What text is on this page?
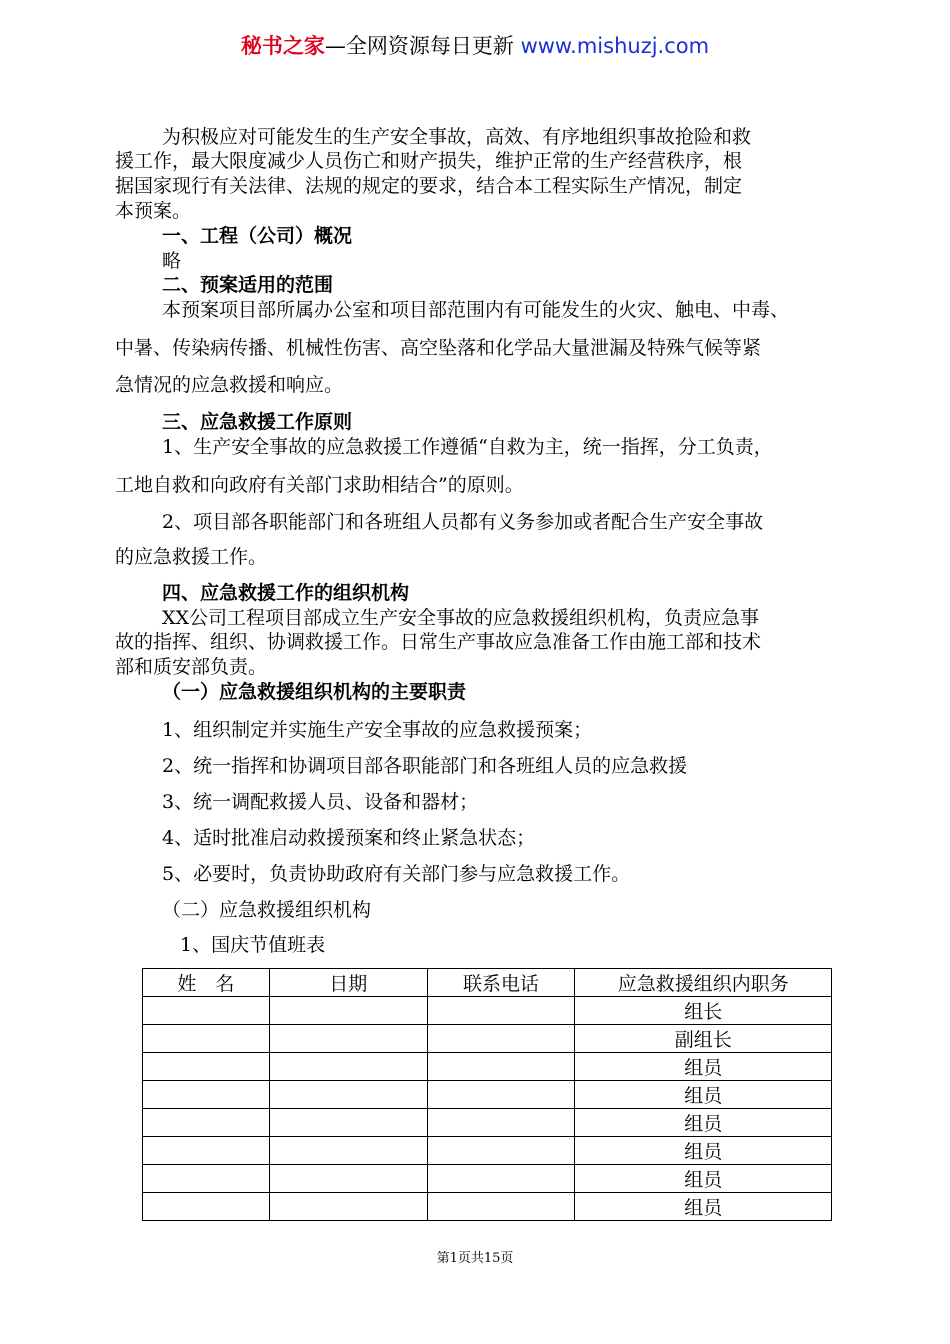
秘书之家—全网资源每日更新 www.mishuzj.com
为积极应对可能发生的生产安全事故，高效、有序地组织事故抢险和救
援工作，最大限度减少人员伤亡和财产损失，维护正常的生产经营秩序，根
据国家现行有关法律、法规的规定的要求，结合本工程实际生产情况，制定
本预案。
一、工程（公司）概况
略
二、预案适用的范围
本预案项目部所属办公室和项目部范围内有可能发生的火灾、触电、中毒、
中暑、传染病传播、机械性伤害、高空坠落和化学品大量泄漏及特殊气候等紧
急情况的应急救援和响应。
三、应急救援工作原则
1、生产安全事故的应急救援工作遵循“自救为主，统一指挥，分工负责，
工地自救和向政府有关部门求助相结合”的原则。
2、项目部各职能部门和各班组人员都有义务参加或者配合生产安全事故
的应急救援工作。
四、应急救援工作的组织机构
XX公司工程项目部成立生产安全事故的应急救援组织机构，负责应急事
故的指挥、组织、协调救援工作。日常生产事故应急准备工作由施工部和技术
部和质安部负责。
（一）应急救援组织机构的主要职责
1、组织制定并实施生产安全事故的应急救援预案；
2、统一指挥和协调项目部各职能部门和各班组人员的应急救援
3、统一调配救援人员、设备和器材；
4、适时批准启动救援预案和终止紧急状态；
5、必要时，负责协助政府有关部门参与应急救援工作。
（二）应急救援组织机构
1、国庆节值班表
姓　名	日期	联系电话	应急救援组织内职务
			组长
			副组长
			组员
			组员
			组员
			组员
			组员
			组员
第1页共15页
